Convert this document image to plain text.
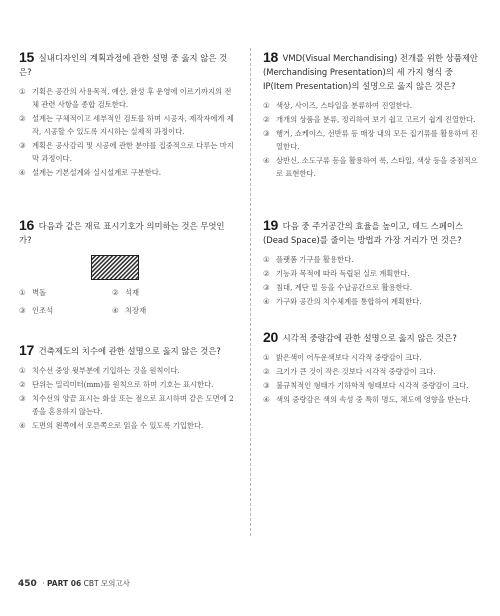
15 실내디자인의 계획과정에 관한 설명 중 옳지 않은 것은?
① 기획은 공간의 사용목적, 예산, 완성 후 운영에 이르기까지의 전체 관련 사항을 종합 검토한다.
② 설계는 구체적이고 세부적인 검토를 하며 시공자, 제작자에게 제작, 시공할 수 있도록 지시하는 실제적 과정이다.
③ 계획은 공사감리 및 시공에 관한 분야를 집중적으로 다루는 마지막 과정이다.
④ 설계는 기본설계와 실시설계로 구분한다.
16 다음과 같은 재료 표시기호가 의미하는 것은 무엇인가?
① 벽돌	② 석재
③ 인조석	④ 치장재
17 건축제도의 치수에 관한 설명으로 옳지 않은 것은?
① 치수선 중앙 윗부분에 기입하는 것을 원칙이다.
② 단위는 밀리미터(mm)를 원칙으로 하며 기호는 표시한다.
③ 치수선의 양끝 표시는 화살 또는 점으로 표시하며 같은 도면에 2종을 혼용하지 않는다.
④ 도면의 왼쪽에서 오른쪽으로 읽을 수 있도록 기입한다.
18 VMD(Visual Merchandising) 전개를 위한 상품제안(Merchandising Presentation)의 세 가지 형식 중 IP(Item Presentation)의 설명으로 옳지 않은 것은?
① 색상, 사이즈, 스타일을 분류하여 진열한다.
② 개개의 상품을 분류, 정리하여 보기 쉽고 고르기 쉽게 진열한다.
③ 행거, 쇼케이스, 선반류 등 매장 내의 모든 집기류를 활용하여 진열한다.
④ 상반신, 소도구류 등을 활용하여 룩, 스타일, 색상 등을 중점적으로 표현한다.
19 다음 중 주거공간의 효율을 높이고, 데드 스페이스(Dead Space)를 줄이는 방법과 가장 거리가 먼 것은?
① 플랫폼 가구를 활용한다.
② 기능과 목적에 따라 독립된 실로 계획한다.
③ 침대, 계단 밑 등을 수납공간으로 활용한다.
④ 가구와 공간의 치수체계를 통합하여 계획한다.
20 시각적 중량감에 관한 설명으로 옳지 않은 것은?
① 밝은색이 어두운색보다 시각적 중량감이 크다.
② 크기가 큰 것이 작은 것보다 시각적 중량감이 크다.
③ 불규칙적인 형태가 기하학적 형태보다 시각적 중량감이 크다.
④ 색의 중량감은 색의 속성 중 특히 명도, 채도에 영향을 받는다.
450 · PART 06 CBT 모의고사
